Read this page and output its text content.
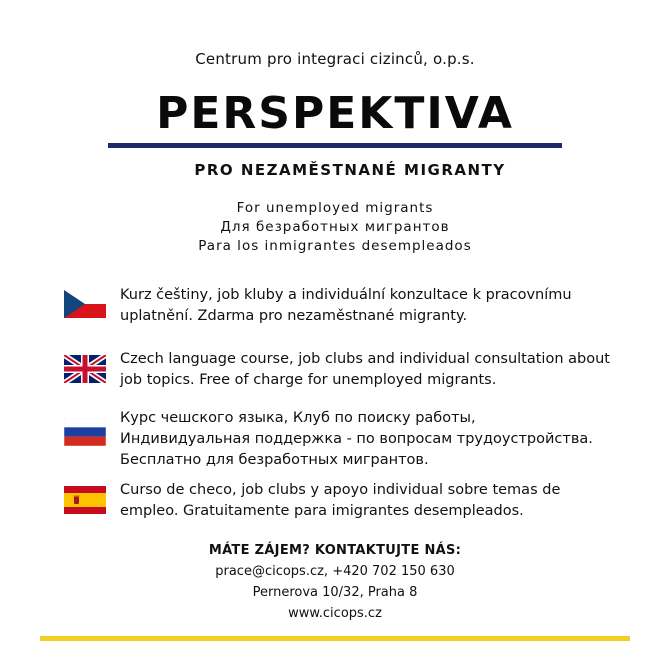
Centrum pro integraci cizinců, o.p.s.
PERSPEKTIVA
PRO NEZAMĚSTNANÉ MIGRANTY
For unemployed migrants
Для безработных мигрантов
Para los inmigrantes desempleados
Kurz češtiny, job kluby a individuální konzultace k pracovnímu uplatnění. Zdarma pro nezaměstnané migranty.
Czech language course, job clubs and individual consultation about job topics. Free of charge for unemployed migrants.
Курс чешского языка, Клуб по поиску работы, Индивидуальная поддержка - по вопросам трудоустройства. Бесплатно для безработных мигрантов.
Curso de checo, job clubs y apoyo individual sobre temas de empleo. Gratuitamente para imigrantes desempleados.
MÁTE ZÁJEM? KONTAKTUJTE NÁS:
prace@cicops.cz, +420 702 150 630
Pernerova 10/32, Praha 8
www.cicops.cz
